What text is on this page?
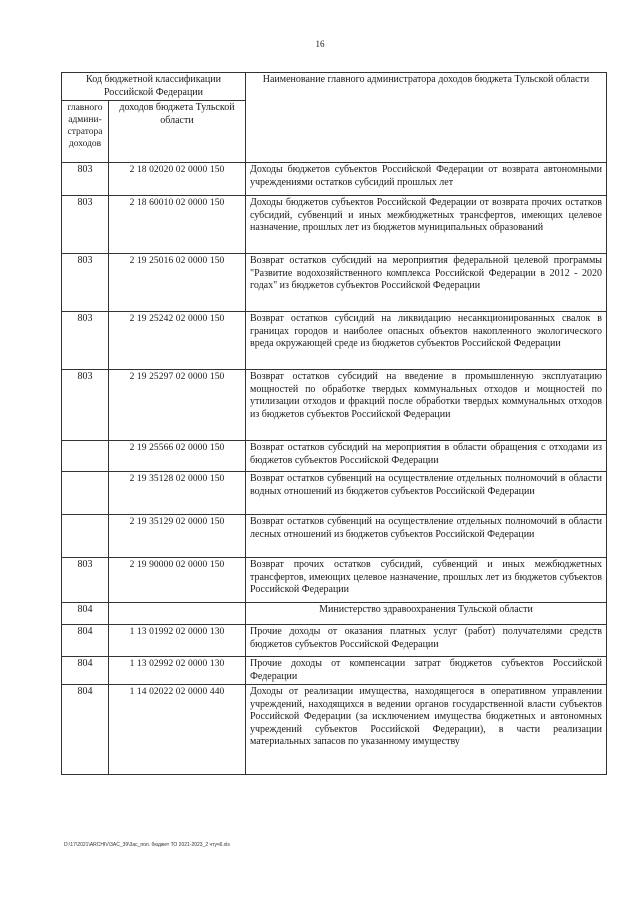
16
Код бюджетной классификации Российской Федерации		Наименование главного администратора доходов бюджета Тульской области
главного админи-стратора доходов	доходов бюджета Тульской области	
803	2 18 02020 02 0000 150	Доходы бюджетов субъектов Российской Федерации от возврата автономными учреждениями остатков субсидий прошлых лет
803	2 18 60010 02 0000 150	Доходы бюджетов субъектов Российской Федерации от возврата прочих остатков субсидий, субвенций и иных межбюджетных трансфертов, имеющих целевое назначение, прошлых лет из бюджетов муниципальных образований
803	2 19 25016 02 0000 150	Возврат остатков субсидий на мероприятия федеральной целевой программы "Развитие водохозяйственного комплекса Российской Федерации в 2012 - 2020 годах" из бюджетов субъектов Российской Федерации
803	2 19 25242 02 0000 150	Возврат остатков субсидий на ликвидацию несанкционированных свалок в границах городов и наиболее опасных объектов накопленного экологического вреда окружающей среде из бюджетов субъектов Российской Федерации
803	2 19 25297 02 0000 150	Возврат остатков субсидий на введение в промышленную эксплуатацию мощностей по обработке твердых коммунальных отходов и мощностей по утилизации отходов и фракций после обработки твердых коммунальных отходов из бюджетов субъектов Российской Федерации
	2 19 25566 02 0000 150	Возврат остатков субсидий на мероприятия в области обращения с отходами из бюджетов субъектов Российской Федерации
	2 19 35128 02 0000 150	Возврат остатков субвенций на осуществление отдельных полномочий в области водных отношений из бюджетов субъектов Российской Федерации
	2 19 35129 02 0000 150	Возврат остатков субвенций на осуществление отдельных полномочий в области лесных отношений из бюджетов субъектов Российской Федерации
803	2 19 90000 02 0000 150	Возврат прочих остатков субсидий, субвенций и иных межбюджетных трансфертов, имеющих целевое назначение, прошлых лет из бюджетов субъектов Российской Федерации
804		Министерство здравоохранения Тульской области
804	1 13 01992 02 0000 130	Прочие доходы от оказания платных услуг (работ) получателями средств бюджетов субъектов Российской Федерации
804	1 13 02992 02 0000 130	Прочие доходы от компенсации затрат бюджетов субъектов Российской Федерации
804	1 14 02022 02 0000 440	Доходы от реализации имущества, находящегося в оперативном управлении учреждений, находящихся в ведении органов государственной власти субъектов Российской Федерации (за исключением имущества бюджетных и автономных учреждений субъектов Российской Федерации), в части реализации материальных запасов по указанному имуществу
D:\17\2021\ARCHIV\3AC_39\3ас_пол. бюджет ТО 2021-2023_2 чтуч6.xls
